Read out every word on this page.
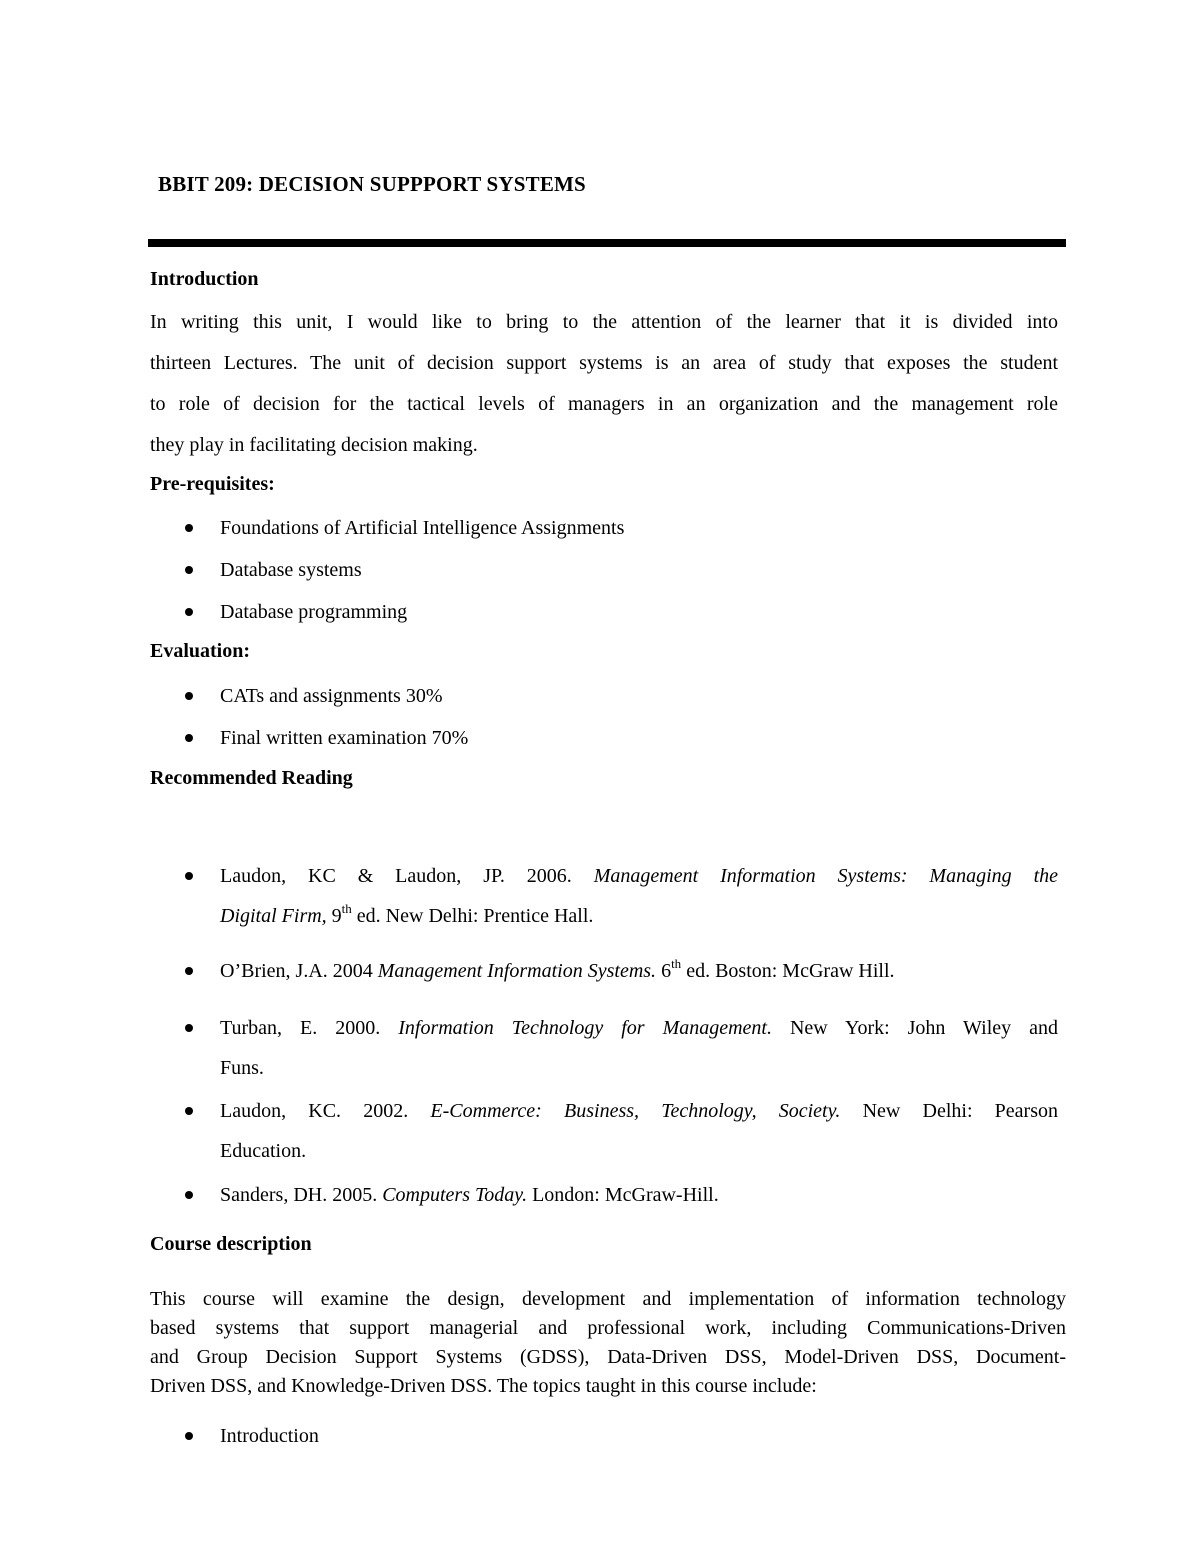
BBIT 209: DECISION SUPPPORT SYSTEMS
Introduction
In writing this unit, I would like to bring to the attention of the learner that it is divided into
thirteen Lectures. The unit of decision support systems is an area of study that exposes the student
to role of decision for the tactical levels of managers in an organization and the management role
they play in facilitating decision making.
Pre-requisites:
Foundations of Artificial Intelligence Assignments
Database systems
Database programming
Evaluation:
CATs and assignments 30%
Final written examination 70%
Recommended Reading
Laudon, KC & Laudon, JP. 2006. Management Information Systems: Managing the
Digital Firm, 9th ed. New Delhi: Prentice Hall.
O’Brien, J.A. 2004 Management Information Systems. 6th ed. Boston: McGraw Hill.
Turban, E. 2000. Information Technology for Management. New York: John Wiley and
Funs.
Laudon, KC. 2002. E-Commerce: Business, Technology, Society. New Delhi: Pearson
Education.
Sanders, DH. 2005. Computers Today. London: McGraw-Hill.
Course description
This course will examine the design, development and implementation of information technology
based systems that support managerial and professional work, including Communications-Driven
and Group Decision Support Systems (GDSS), Data-Driven DSS, Model-Driven DSS, Document-
Driven DSS, and Knowledge-Driven DSS. The topics taught in this course include:
Introduction
